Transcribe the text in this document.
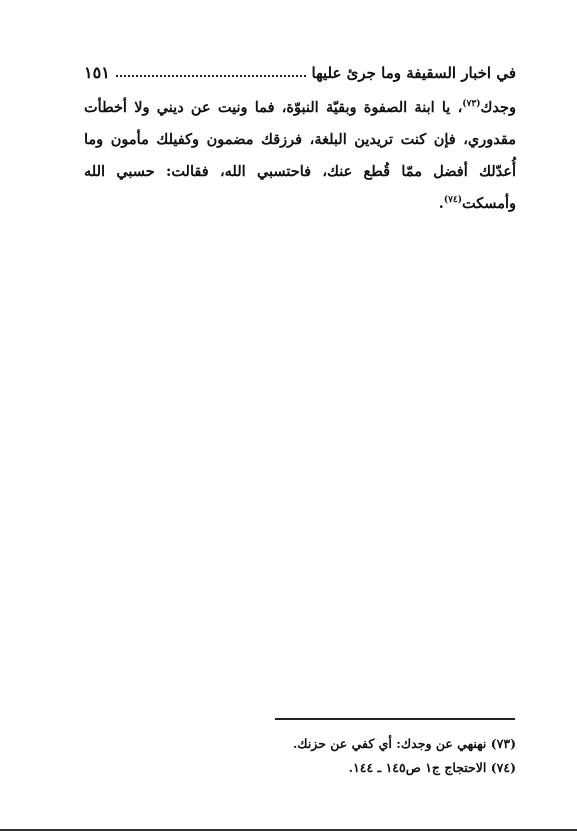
في اخبار السقيفة وما جرئ عليها
١٥١

وجدك$^{(٧٣)}$، يا ابنة الصفوة وبقيّة النبوّة، فما ونيت عن ديني ولا أخطأت مقدوري، فإن كنت تريدين البلغة، فرزقك مضمون وكفيلك مأمون وما أُعدّلك أفضل ممّا قُطع عنك، فاحتسبي الله، فقالت: حسبي الله وأمسكت$^{(٧٤)}$.

(٧٣) نهنهي عن وجدك: أي كفي عن حزنك.
(٧٤) الاحتجاج ج١ ص١٤٥ ـ ١٤٤.
